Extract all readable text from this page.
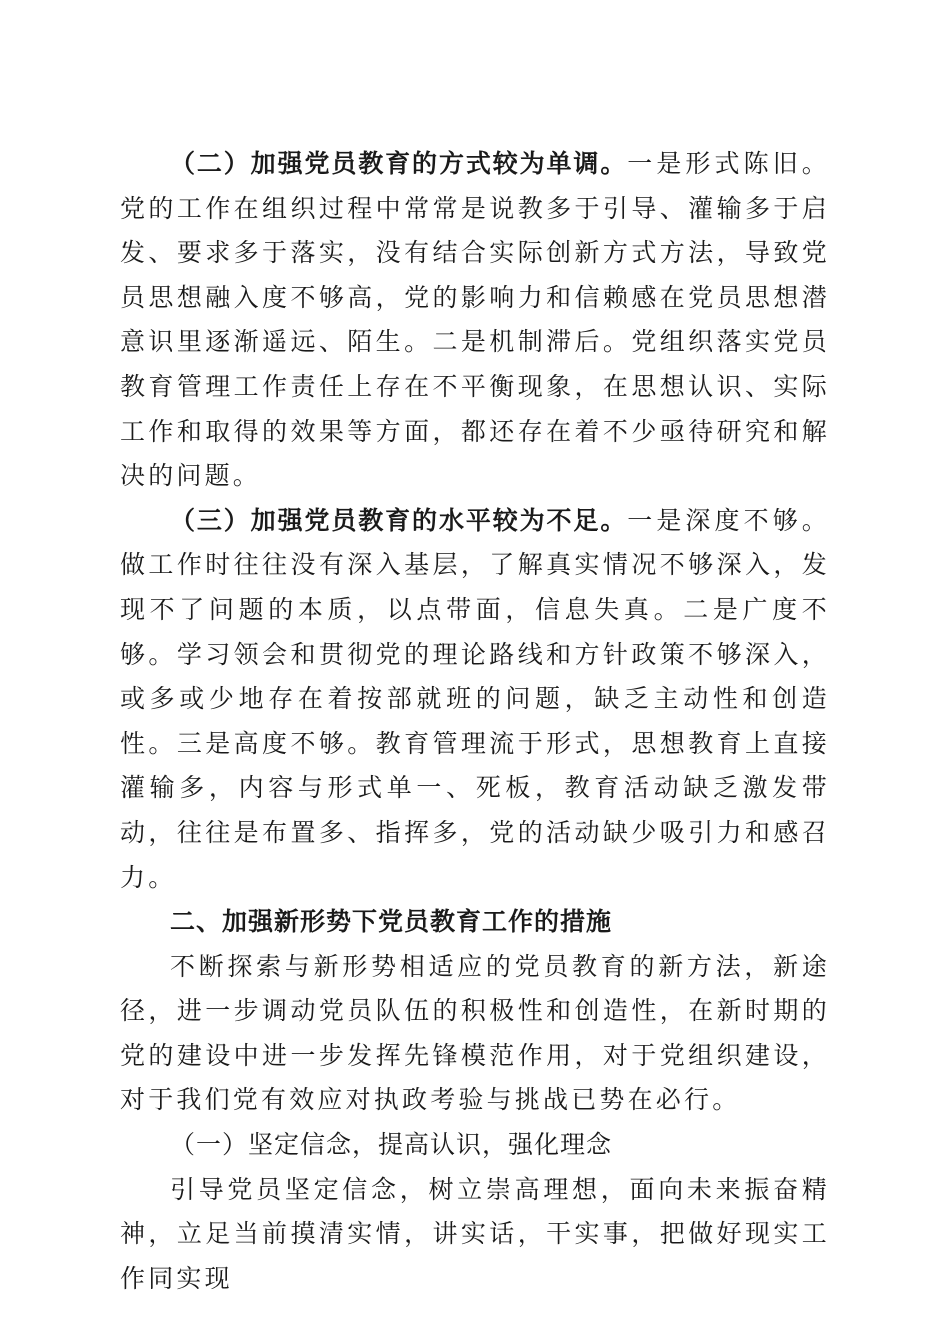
（二）加强党员教育的方式较为单调。一是形式陈旧。党的工作在组织过程中常常是说教多于引导、灌输多于启发、要求多于落实，没有结合实际创新方式方法，导致党员思想融入度不够高，党的影响力和信赖感在党员思想潜意识里逐渐遥远、陌生。二是机制滞后。党组织落实党员教育管理工作责任上存在不平衡现象，在思想认识、实际工作和取得的效果等方面，都还存在着不少亟待研究和解决的问题。

（三）加强党员教育的水平较为不足。一是深度不够。做工作时往往没有深入基层，了解真实情况不够深入，发现不了问题的本质，以点带面，信息失真。二是广度不够。学习领会和贯彻党的理论路线和方针政策不够深入，或多或少地存在着按部就班的问题，缺乏主动性和创造性。三是高度不够。教育管理流于形式，思想教育上直接灌输多，内容与形式单一、死板，教育活动缺乏激发带动，往往是布置多、指挥多，党的活动缺少吸引力和感召力。

二、加强新形势下党员教育工作的措施

不断探索与新形势相适应的党员教育的新方法，新途径，进一步调动党员队伍的积极性和创造性，在新时期的党的建设中进一步发挥先锋模范作用，对于党组织建设，对于我们党有效应对执政考验与挑战已势在必行。

（一）坚定信念，提高认识，强化理念

引导党员坚定信念，树立崇高理想，面向未来振奋精神，立足当前摸清实情，讲实话，干实事，把做好现实工作同实现
